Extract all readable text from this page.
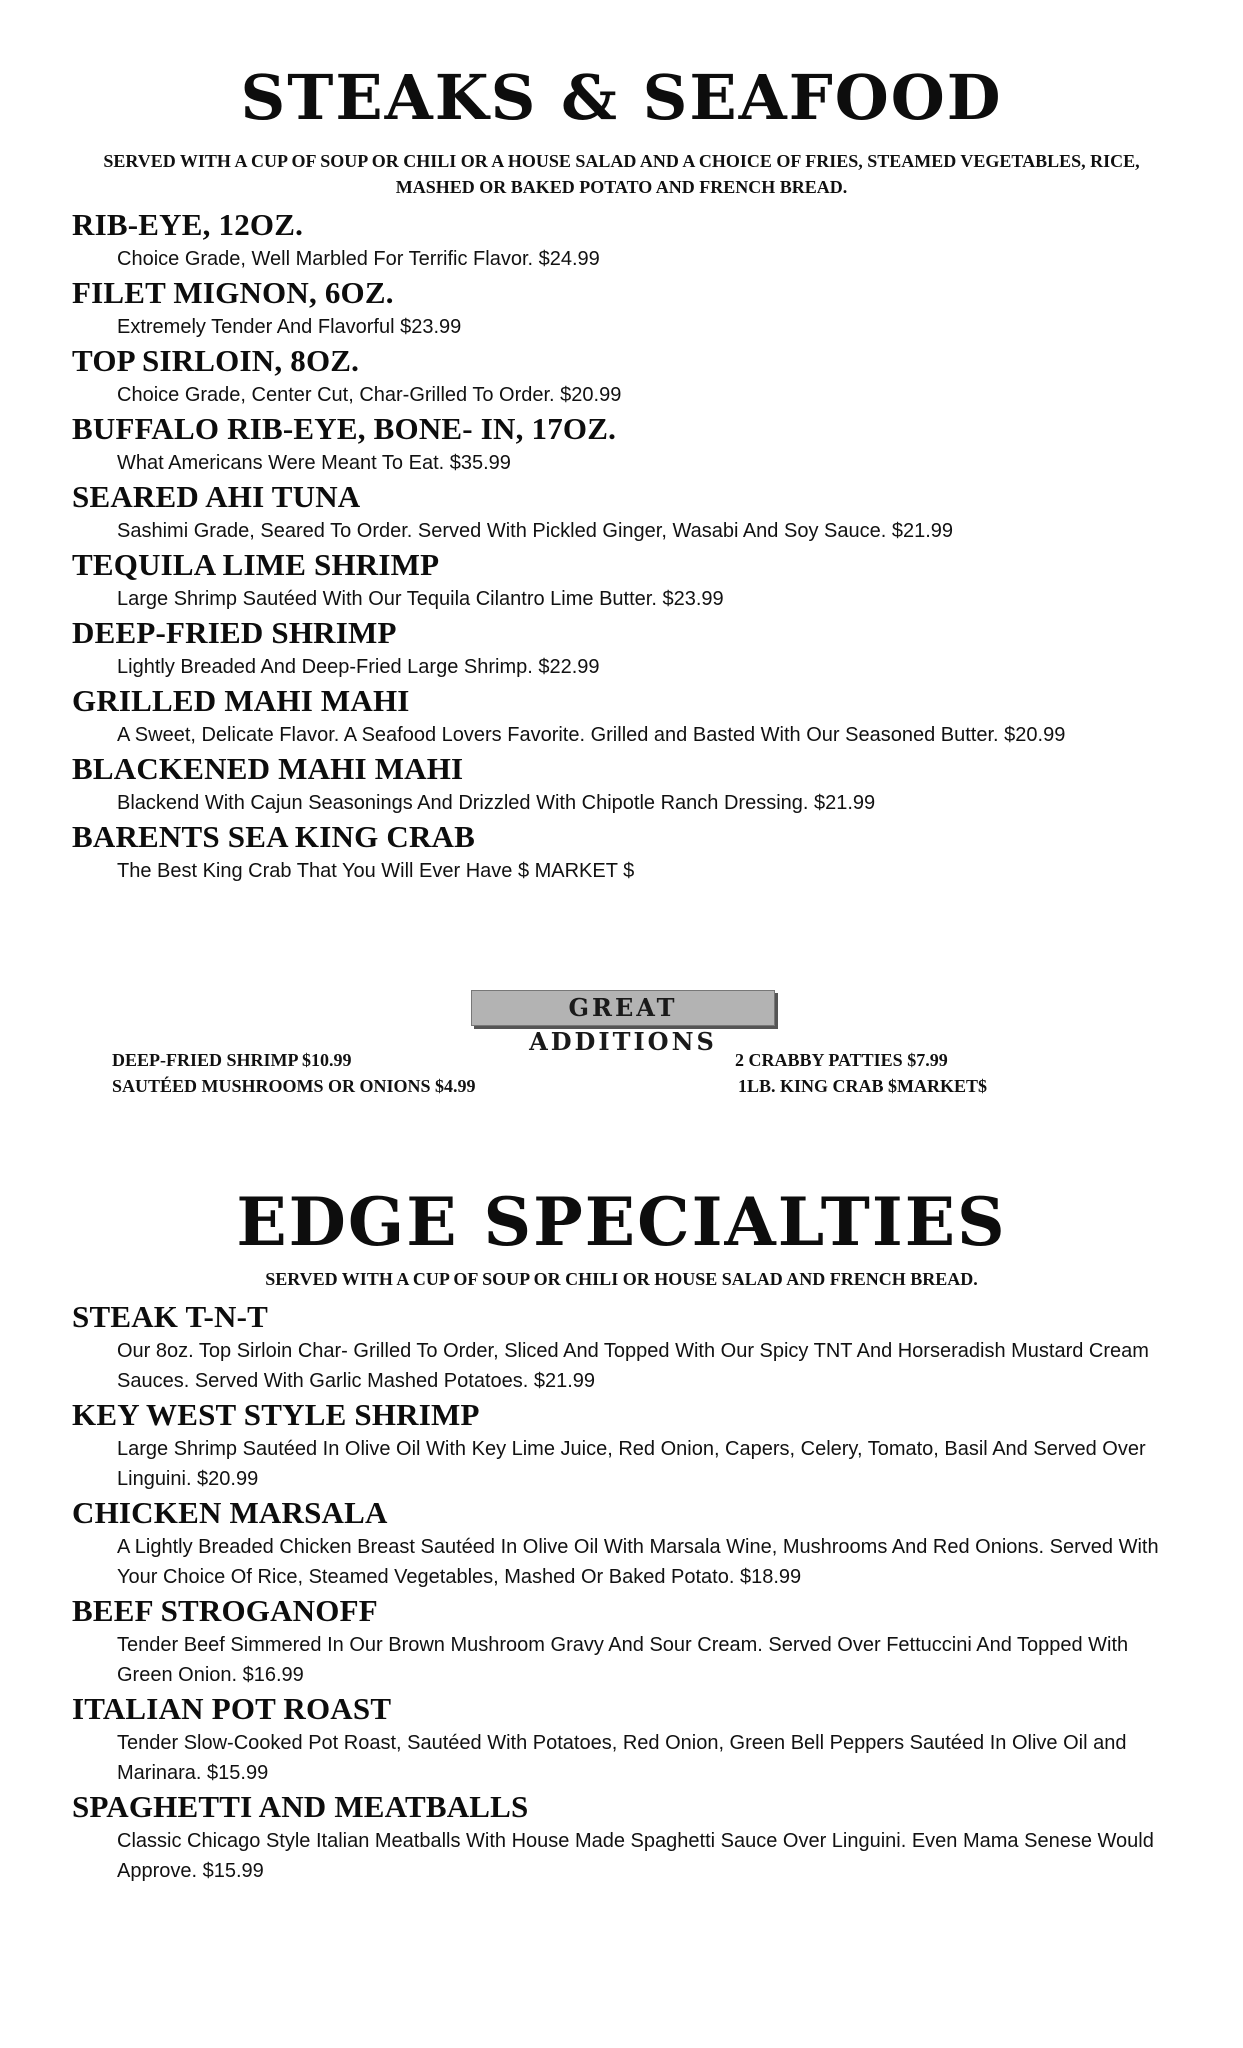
STEAKS & SEAFOOD

SERVED WITH A CUP OF SOUP OR CHILI OR A HOUSE SALAD AND A CHOICE OF FRIES, STEAMED VEGETABLES, RICE, MASHED OR BAKED POTATO AND FRENCH BREAD.

RIB-EYE, 12OZ.
Choice Grade, Well Marbled For Terrific Flavor. $24.99
FILET MIGNON, 6OZ.
Extremely Tender And Flavorful $23.99
TOP SIRLOIN, 8OZ.
Choice Grade, Center Cut, Char-Grilled To Order. $20.99
BUFFALO RIB-EYE, BONE- IN, 17OZ.
What Americans Were Meant To Eat. $35.99
SEARED AHI TUNA
Sashimi Grade, Seared To Order. Served With Pickled Ginger, Wasabi And Soy Sauce. $21.99
TEQUILA LIME SHRIMP
Large Shrimp Sautéed With Our Tequila Cilantro Lime Butter. $23.99
DEEP-FRIED SHRIMP
Lightly Breaded And Deep-Fried Large Shrimp. $22.99
GRILLED MAHI MAHI
A Sweet, Delicate Flavor. A Seafood Lovers Favorite. Grilled and Basted With Our Seasoned Butter. $20.99
BLACKENED MAHI MAHI
Blackend With Cajun Seasonings And Drizzled With Chipotle Ranch Dressing. $21.99
BARENTS SEA KING CRAB
The Best King Crab That You Will Ever Have $ MARKET $
GREAT ADDITIONS
DEEP-FRIED SHRIMP $10.99
SAUTÉED MUSHROOMS OR ONIONS $4.99
2 CRABBY PATTIES $7.99
1LB. KING CRAB $MARKET$
EDGE SPECIALTIES

SERVED WITH A CUP OF SOUP OR CHILI OR HOUSE SALAD AND FRENCH BREAD.

STEAK T-N-T
Our 8oz. Top Sirloin Char- Grilled To Order, Sliced And Topped With Our Spicy TNT And Horseradish Mustard Cream Sauces. Served With Garlic Mashed Potatoes. $21.99
KEY WEST STYLE SHRIMP
Large Shrimp Sautéed In Olive Oil With Key Lime Juice, Red Onion, Capers, Celery, Tomato, Basil And Served Over Linguini. $20.99
CHICKEN MARSALA
A Lightly Breaded Chicken Breast Sautéed In Olive Oil With Marsala Wine, Mushrooms And Red Onions. Served With Your Choice Of Rice, Steamed Vegetables, Mashed Or Baked Potato. $18.99
BEEF STROGANOFF
Tender Beef Simmered In Our Brown Mushroom Gravy And Sour Cream. Served Over Fettuccini And Topped With Green Onion. $16.99
ITALIAN POT ROAST
Tender Slow-Cooked Pot Roast, Sautéed With Potatoes, Red Onion, Green Bell Peppers Sautéed In Olive Oil and Marinara. $15.99
SPAGHETTI AND MEATBALLS
Classic Chicago Style Italian Meatballs With House Made Spaghetti Sauce Over Linguini. Even Mama Senese Would Approve. $15.99
